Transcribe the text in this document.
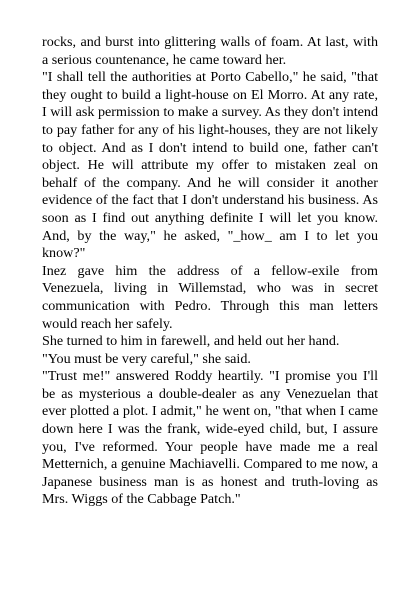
rocks, and burst into glittering walls of foam. At last, with a serious countenance, he came toward her.

"I shall tell the authorities at Porto Cabello," he said, "that they ought to build a light-house on El Morro. At any rate, I will ask permission to make a survey. As they don't intend to pay father for any of his light-houses, they are not likely to object. And as I don't intend to build one, father can't object. He will attribute my offer to mistaken zeal on behalf of the company. And he will consider it another evidence of the fact that I don't understand his business. As soon as I find out anything definite I will let you know. And, by the way," he asked, "_how_ am I to let you know?"

Inez gave him the address of a fellow-exile from Venezuela, living in Willemstad, who was in secret communication with Pedro. Through this man letters would reach her safely.

She turned to him in farewell, and held out her hand.

"You must be very careful," she said.

"Trust me!" answered Roddy heartily. "I promise you I'll be as mysterious a double-dealer as any Venezuelan that ever plotted a plot. I admit," he went on, "that when I came down here I was the frank, wide-eyed child, but, I assure you, I've reformed. Your people have made me a real Metternich, a genuine Machiavelli. Compared to me now, a Japanese business man is as honest and truth-loving as Mrs. Wiggs of the Cabbage Patch."
